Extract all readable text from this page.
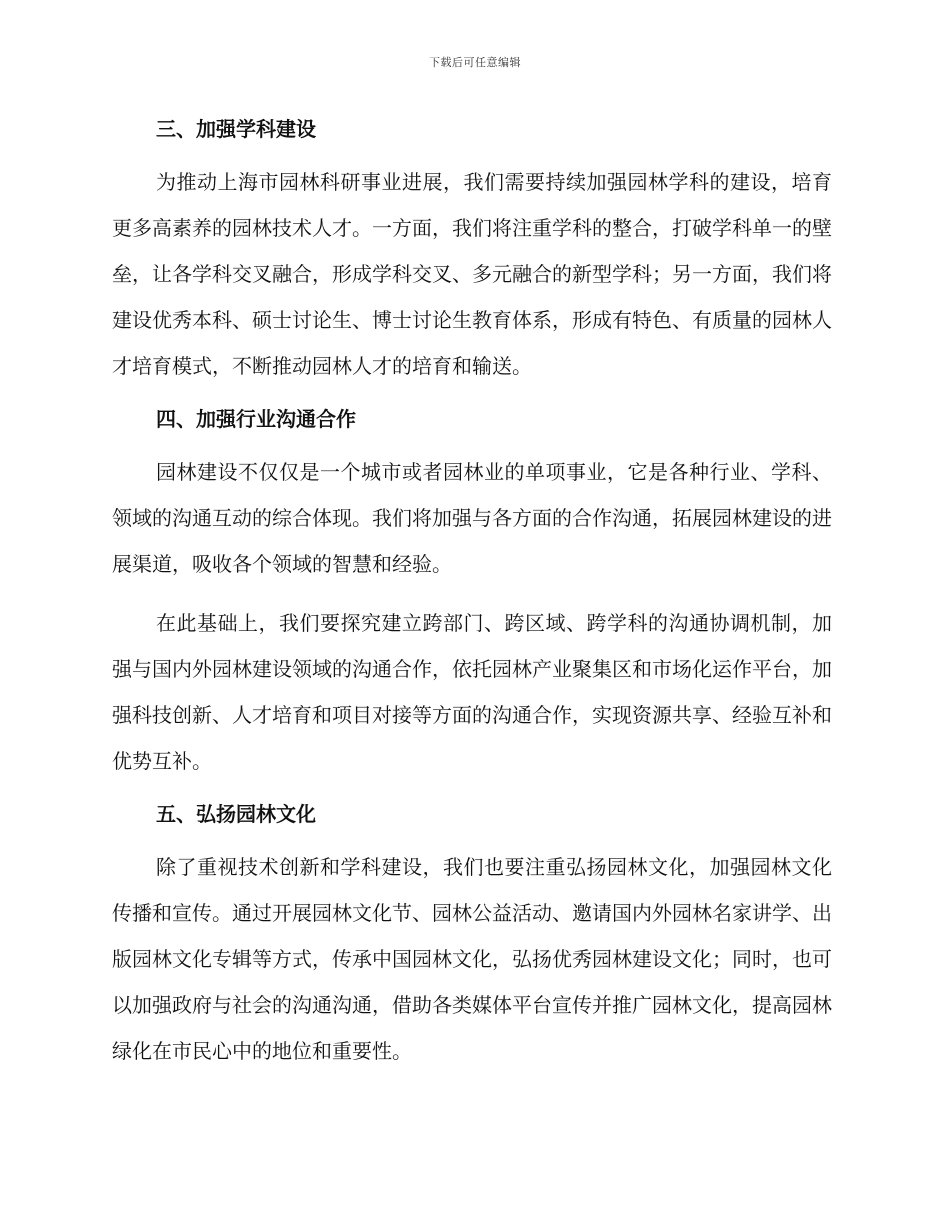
下载后可任意编辑
三、加强学科建设

为推动上海市园林科研事业进展，我们需要持续加强园林学科的建设，培育更多高素养的园林技术人才。一方面，我们将注重学科的整合，打破学科单一的壁垒，让各学科交叉融合，形成学科交叉、多元融合的新型学科；另一方面，我们将建设优秀本科、硕士讨论生、博士讨论生教育体系，形成有特色、有质量的园林人才培育模式，不断推动园林人才的培育和输送。

四、加强行业沟通合作

园林建设不仅仅是一个城市或者园林业的单项事业，它是各种行业、学科、领域的沟通互动的综合体现。我们将加强与各方面的合作沟通，拓展园林建设的进展渠道，吸收各个领域的智慧和经验。

在此基础上，我们要探究建立跨部门、跨区域、跨学科的沟通协调机制，加强与国内外园林建设领域的沟通合作，依托园林产业聚集区和市场化运作平台，加强科技创新、人才培育和项目对接等方面的沟通合作，实现资源共享、经验互补和优势互补。

五、弘扬园林文化

除了重视技术创新和学科建设，我们也要注重弘扬园林文化，加强园林文化传播和宣传。通过开展园林文化节、园林公益活动、邀请国内外园林名家讲学、出版园林文化专辑等方式，传承中国园林文化，弘扬优秀园林建设文化；同时，也可以加强政府与社会的沟通沟通，借助各类媒体平台宣传并推广园林文化，提高园林绿化在市民心中的地位和重要性。
